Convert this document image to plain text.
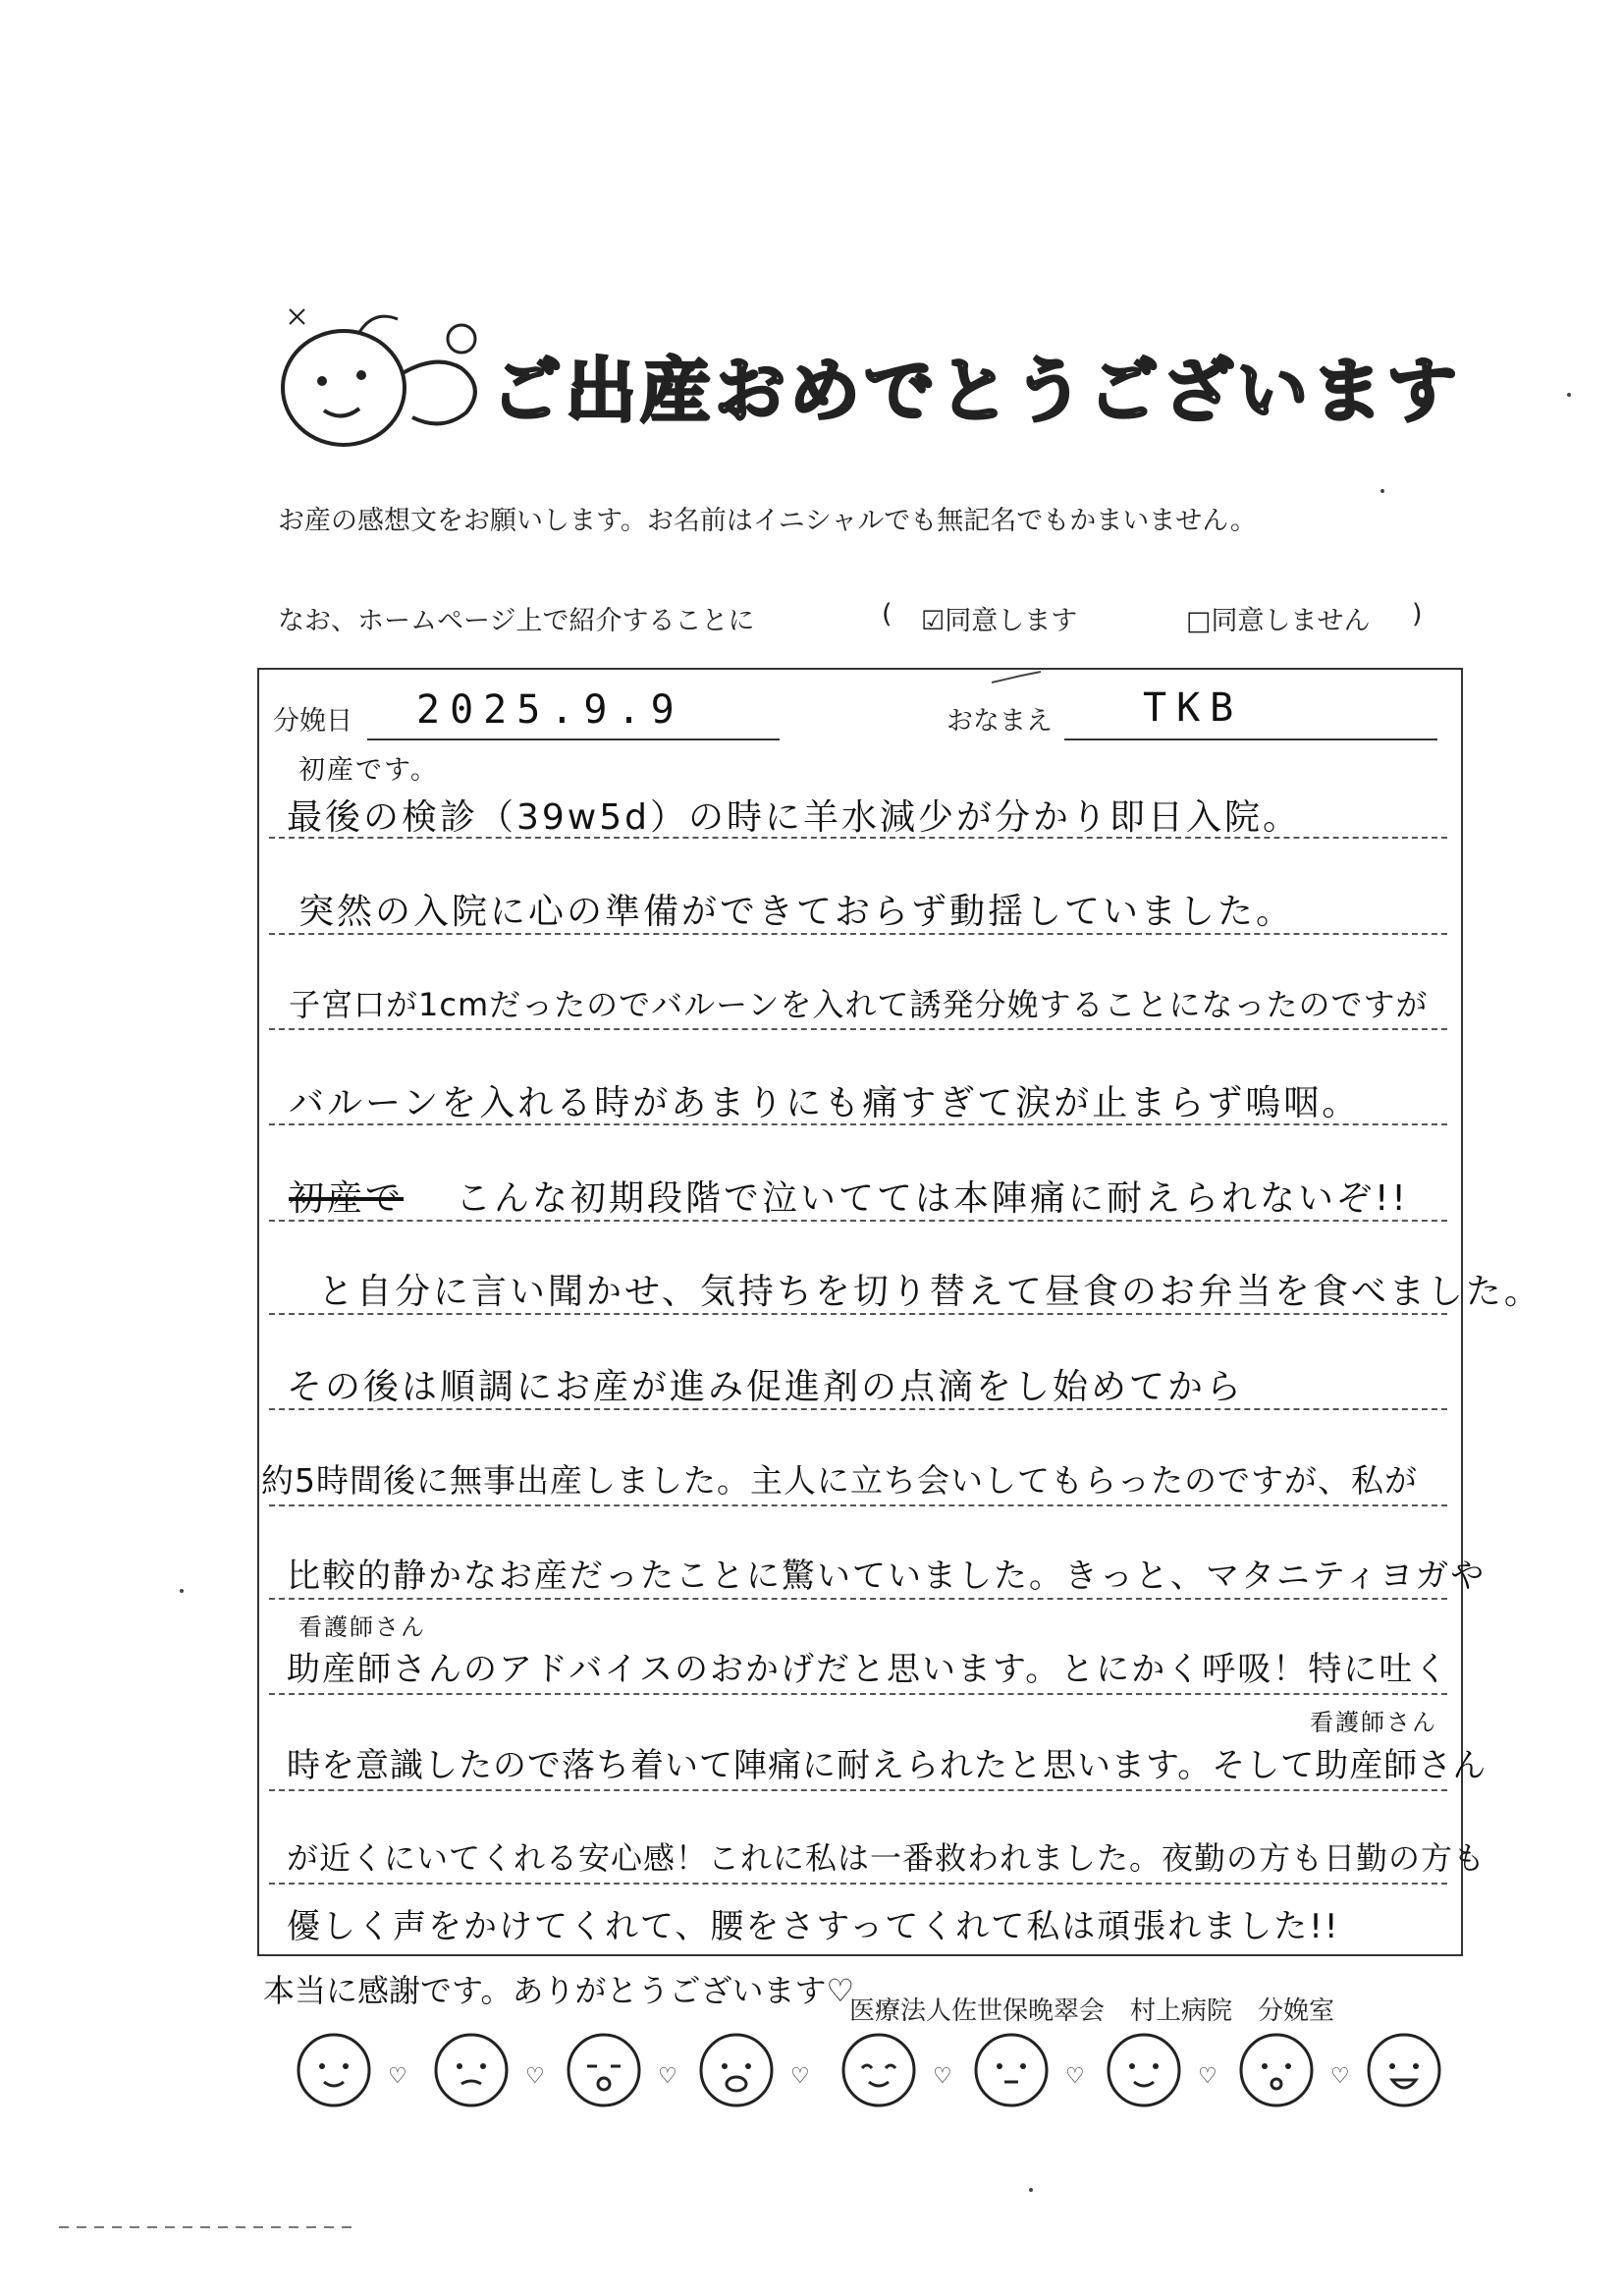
ご出産おめでとうございます
お産の感想文をお願いします。お名前はイニシャルでも無記名でもかまいません。
なお、ホームページ上で紹介することに	( ☑同意します	□同意しません )
分娩日 2025.9.9	おなまえ TKB
初産です。
最後の検診（39w5d）の時に羊水減少が分かり即日入院。
突然の入院に心の準備ができておらず動揺していました。
子宮口が1cmだったのでバルーンを入れて誘発分娩することになったのですが
バルーンを入れる時があまりにも痛すぎて涙が止まらず嗚咽。
初産で こんな初期段階で泣いてては本陣痛に耐えられないぞ!!
と自分に言い聞かせ、気持ちを切り替えて昼食のお弁当を食べました。
その後は順調にお産が進み促進剤の点滴をし始めてから
約5時間後に無事出産しました。主人に立ち会いしてもらったのですが、私が
比較的静かなお産だったことに驚いていました。きっと、マタニティヨガや
看護師さん
助産師さんのアドバイスのおかげだと思います。とにかく呼吸！特に吐く
看護師さん
時を意識したので落ち着いて陣痛に耐えられたと思います。そして助産師さん
が近くにいてくれる安心感！これに私は一番救われました。夜勤の方も日勤の方も
優しく声をかけてくれて、腰をさすってくれて私は頑張れました!!
本当に感謝です。ありがとうございます♡
医療法人佐世保晩翠会　村上病院　分娩室
♡	♡	♡	♡	♡	♡	♡	♡
